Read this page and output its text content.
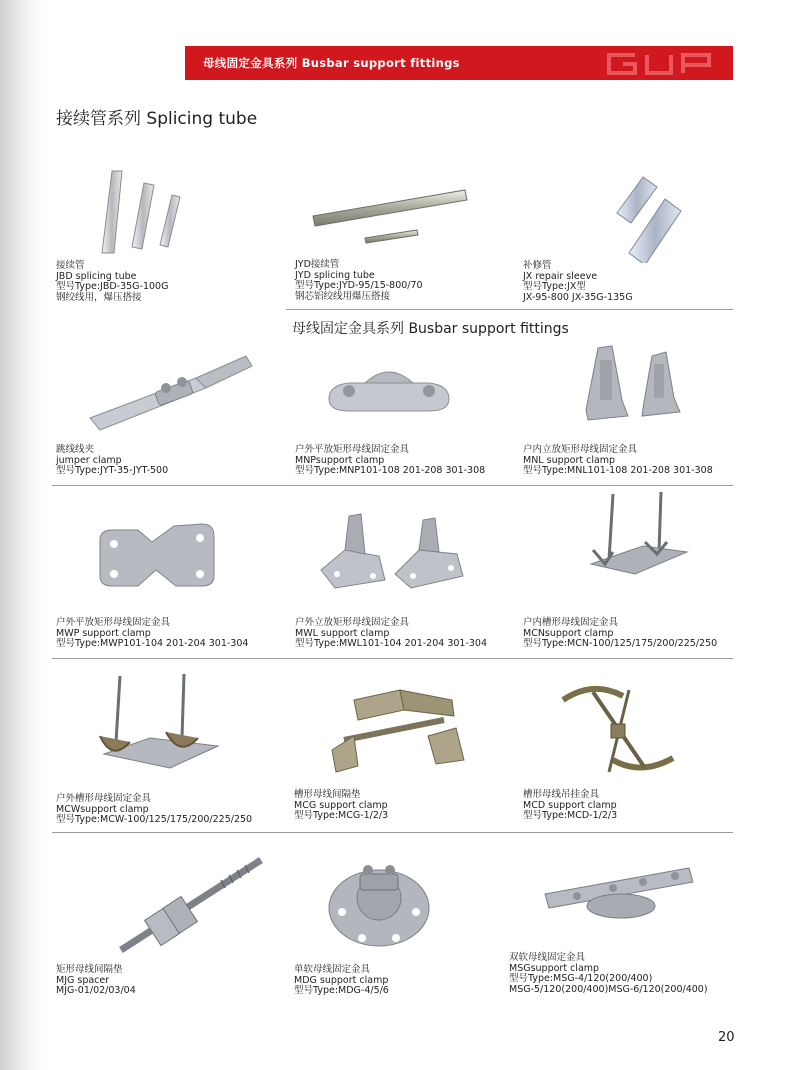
母线固定金具系列 Busbar support fittings
接续管系列 Splicing tube
接续管
JBD splicing tube
型号Type:JBD-35G-100G
钢绞线用，爆压搭接
JYD接续管
JYD splicing tube
型号Type:JYD-95/15-800/70
钢芯铝绞线用爆压搭接
补修管
JX repair sleeve
型号Type:JX型
JX-95-800 JX-35G-135G
母线固定金具系列 Busbar support fittings
跳线线夹
jumper clamp
型号Type:JYT-35-JYT-500
户外平放矩形母线固定金具
MNPsupport clamp
型号Type:MNP101-108 201-208 301-308
户内立放矩形母线固定金具
MNL support clamp
型号Type:MNL101-108 201-208 301-308
户外平放矩形母线固定金具
MWP support clamp
型号Type:MWP101-104 201-204 301-304
户外立放矩形母线固定金具
MWL support clamp
型号Type:MWL101-104 201-204 301-304
户内槽形母线固定金具
MCNsupport clamp
型号Type:MCN-100/125/175/200/225/250
户外槽形母线固定金具
MCWsupport clamp
型号Type:MCW-100/125/175/200/225/250
槽形母线间隔垫
MCG support clamp
型号Type:MCG-1/2/3
槽形母线吊挂金具
MCD support clamp
型号Type:MCD-1/2/3
矩形母线间隔垫
MJG spacer
MJG-01/02/03/04
单软母线固定金具
MDG support clamp
型号Type:MDG-4/5/6
双软母线固定金具
MSGsupport clamp
型号Type:MSG-4/120(200/400)
MSG-5/120(200/400)MSG-6/120(200/400)
20
